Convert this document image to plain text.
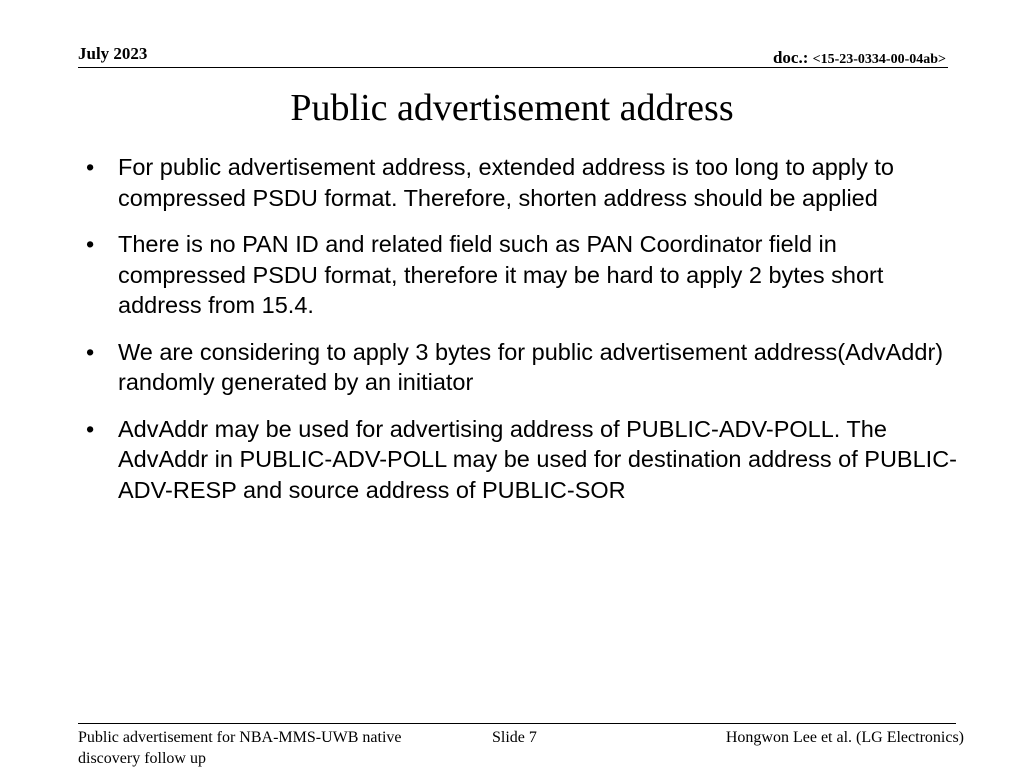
July 2023	doc.: <15-23-0334-00-04ab>
Public advertisement address
• For public advertisement address, extended address is too long to apply to compressed PSDU format. Therefore, shorten address should be applied
• There is no PAN ID and related field such as PAN Coordinator field in compressed PSDU format, therefore it may be hard to apply 2 bytes short address from 15.4.
• We are considering to apply 3 bytes for public advertisement address(AdvAddr) randomly generated by an initiator
• AdvAddr may be used for advertising address of PUBLIC-ADV-POLL. The AdvAddr in PUBLIC-ADV-POLL may be used for destination address of PUBLIC-ADV-RESP and source address of PUBLIC-SOR
Public advertisement for NBA-MMS-UWB native discovery follow up
Slide 7	Hongwon Lee et al. (LG Electronics)
